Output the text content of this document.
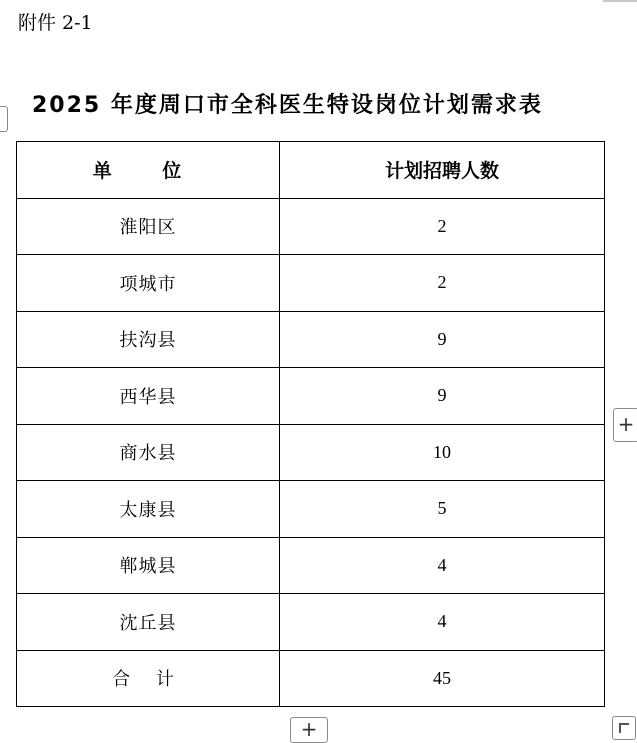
附件 2-1
2025 年度周口市全科医生特设岗位计划需求表
单 位	计划招聘人数
淮阳区	2
项城市	2
扶沟县	9
西华县	9
商水县	10
太康县	5
郸城县	4
沈丘县	4
合 计	45
+
+
